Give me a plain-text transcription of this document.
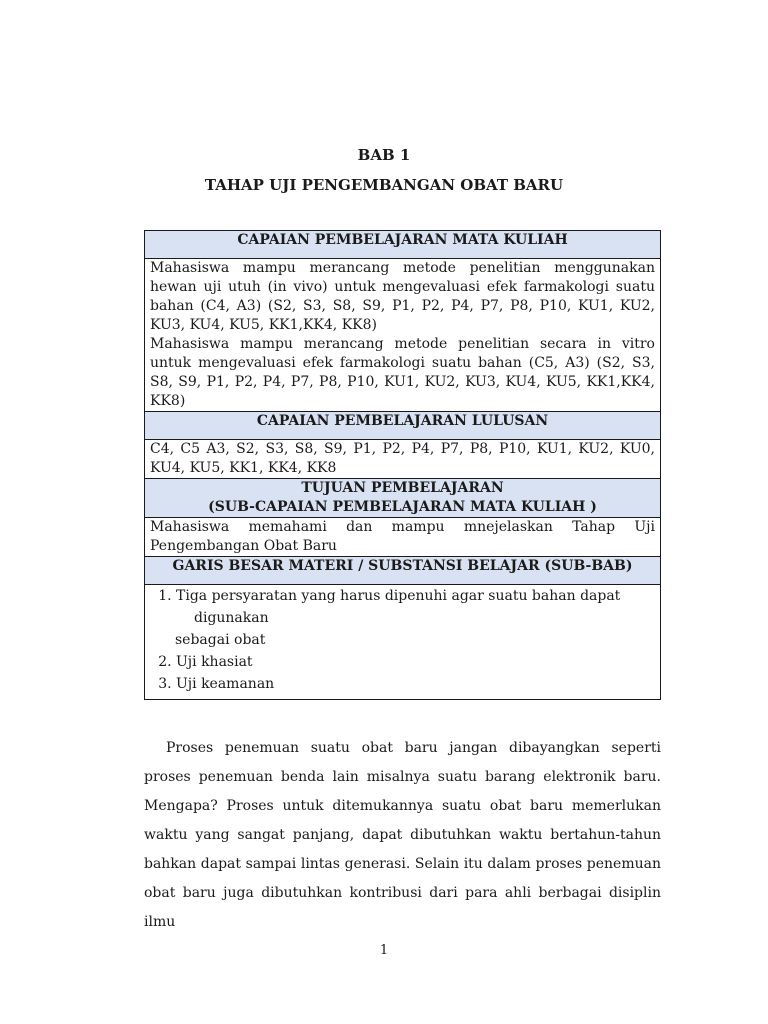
BAB 1
TAHAP UJI PENGEMBANGAN OBAT BARU
CAPAIAN PEMBELAJARAN MATA KULIAH

Mahasiswa mampu merancang metode penelitian menggunakan hewan uji utuh (in vivo) untuk mengevaluasi efek farmakologi suatu bahan (C4, A3) (S2, S3, S8, S9, P1, P2, P4, P7, P8, P10, KU1, KU2, KU3, KU4, KU5, KK1,KK4, KK8)

Mahasiswa mampu merancang metode penelitian secara in vitro untuk mengevaluasi efek farmakologi suatu bahan (C5, A3) (S2, S3, S8, S9, P1, P2, P4, P7, P8, P10, KU1, KU2, KU3, KU4, KU5, KK1,KK4, KK8)

CAPAIAN PEMBELAJARAN LULUSAN

C4, C5 A3, S2, S3, S8, S9, P1, P2, P4, P7, P8, P10, KU1, KU2, KU0, KU4, KU5, KK1, KK4, KK8

TUJUAN PEMBELAJARAN
(SUB-CAPAIAN PEMBELAJARAN MATA KULIAH )

Mahasiswa memahami dan mampu mnejelaskan Tahap Uji Pengembangan Obat Baru

GARIS BESAR MATERI / SUBSTANSI BELAJAR (SUB-BAB)

1. Tiga persyaratan yang harus dipenuhi agar suatu bahan dapat
digunakan

sebagai obat
2. Uji khasiat
3. Uji keamanan

Proses penemuan suatu obat baru jangan dibayangkan seperti proses penemuan benda lain misalnya suatu barang elektronik baru. Mengapa? Proses untuk ditemukannya suatu obat baru memerlukan waktu yang sangat panjang, dapat dibutuhkan waktu bertahun-tahun bahkan dapat sampai lintas generasi. Selain itu dalam proses penemuan obat baru juga dibutuhkan kontribusi dari para ahli berbagai disiplin ilmu

1
